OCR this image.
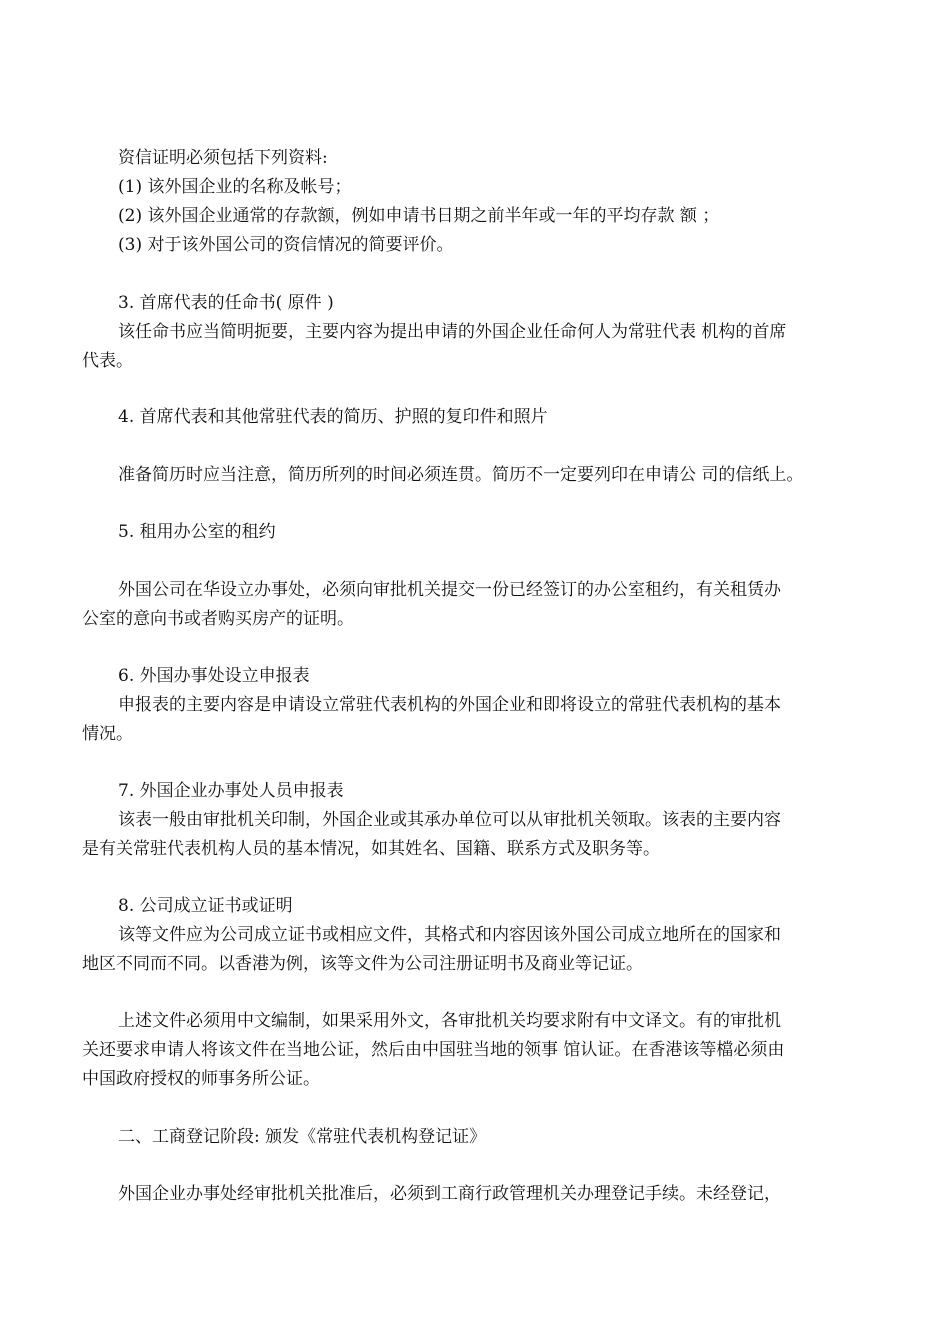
资信证明必须包括下列资料:
(1) 该外国企业的名称及帐号；
(2) 该外国企业通常的存款额，例如申请书日期之前半年或一年的平均存款 额 ；
(3) 对于该外国公司的资信情况的简要评价。
3. 首席代表的任命书( 原件 )
该任命书应当简明扼要，主要内容为提出申请的外国企业任命何人为常驻代表 机构的首席
代表。
4. 首席代表和其他常驻代表的简历、护照的复印件和照片
准备简历时应当注意，简历所列的时间必须连贯。简历不一定要列印在申请公 司的信纸上。
5. 租用办公室的租约
外国公司在华设立办事处，必须向审批机关提交一份已经签订的办公室租约，有关租赁办
公室的意向书或者购买房产的证明。
6. 外国办事处设立申报表
申报表的主要内容是申请设立常驻代表机构的外国企业和即将设立的常驻代表机构的基本
情况。
7. 外国企业办事处人员申报表
该表一般由审批机关印制，外国企业或其承办单位可以从审批机关领取。该表的主要内容
是有关常驻代表机构人员的基本情况，如其姓名、国籍、联系方式及职务等。
8. 公司成立证书或证明
该等文件应为公司成立证书或相应文件，其格式和内容因该外国公司成立地所在的国家和
地区不同而不同。以香港为例，该等文件为公司注册证明书及商业等记证。
上述文件必须用中文编制，如果采用外文，各审批机关均要求附有中文译文。有的审批机
关还要求申请人将该文件在当地公证，然后由中国驻当地的领事 馆认证。在香港该等檔必须由
中国政府授权的师事务所公证。
二、工商登记阶段: 颁发《常驻代表机构登记证》
外国企业办事处经审批机关批准后，必须到工商行政管理机关办理登记手续。未经登记，
